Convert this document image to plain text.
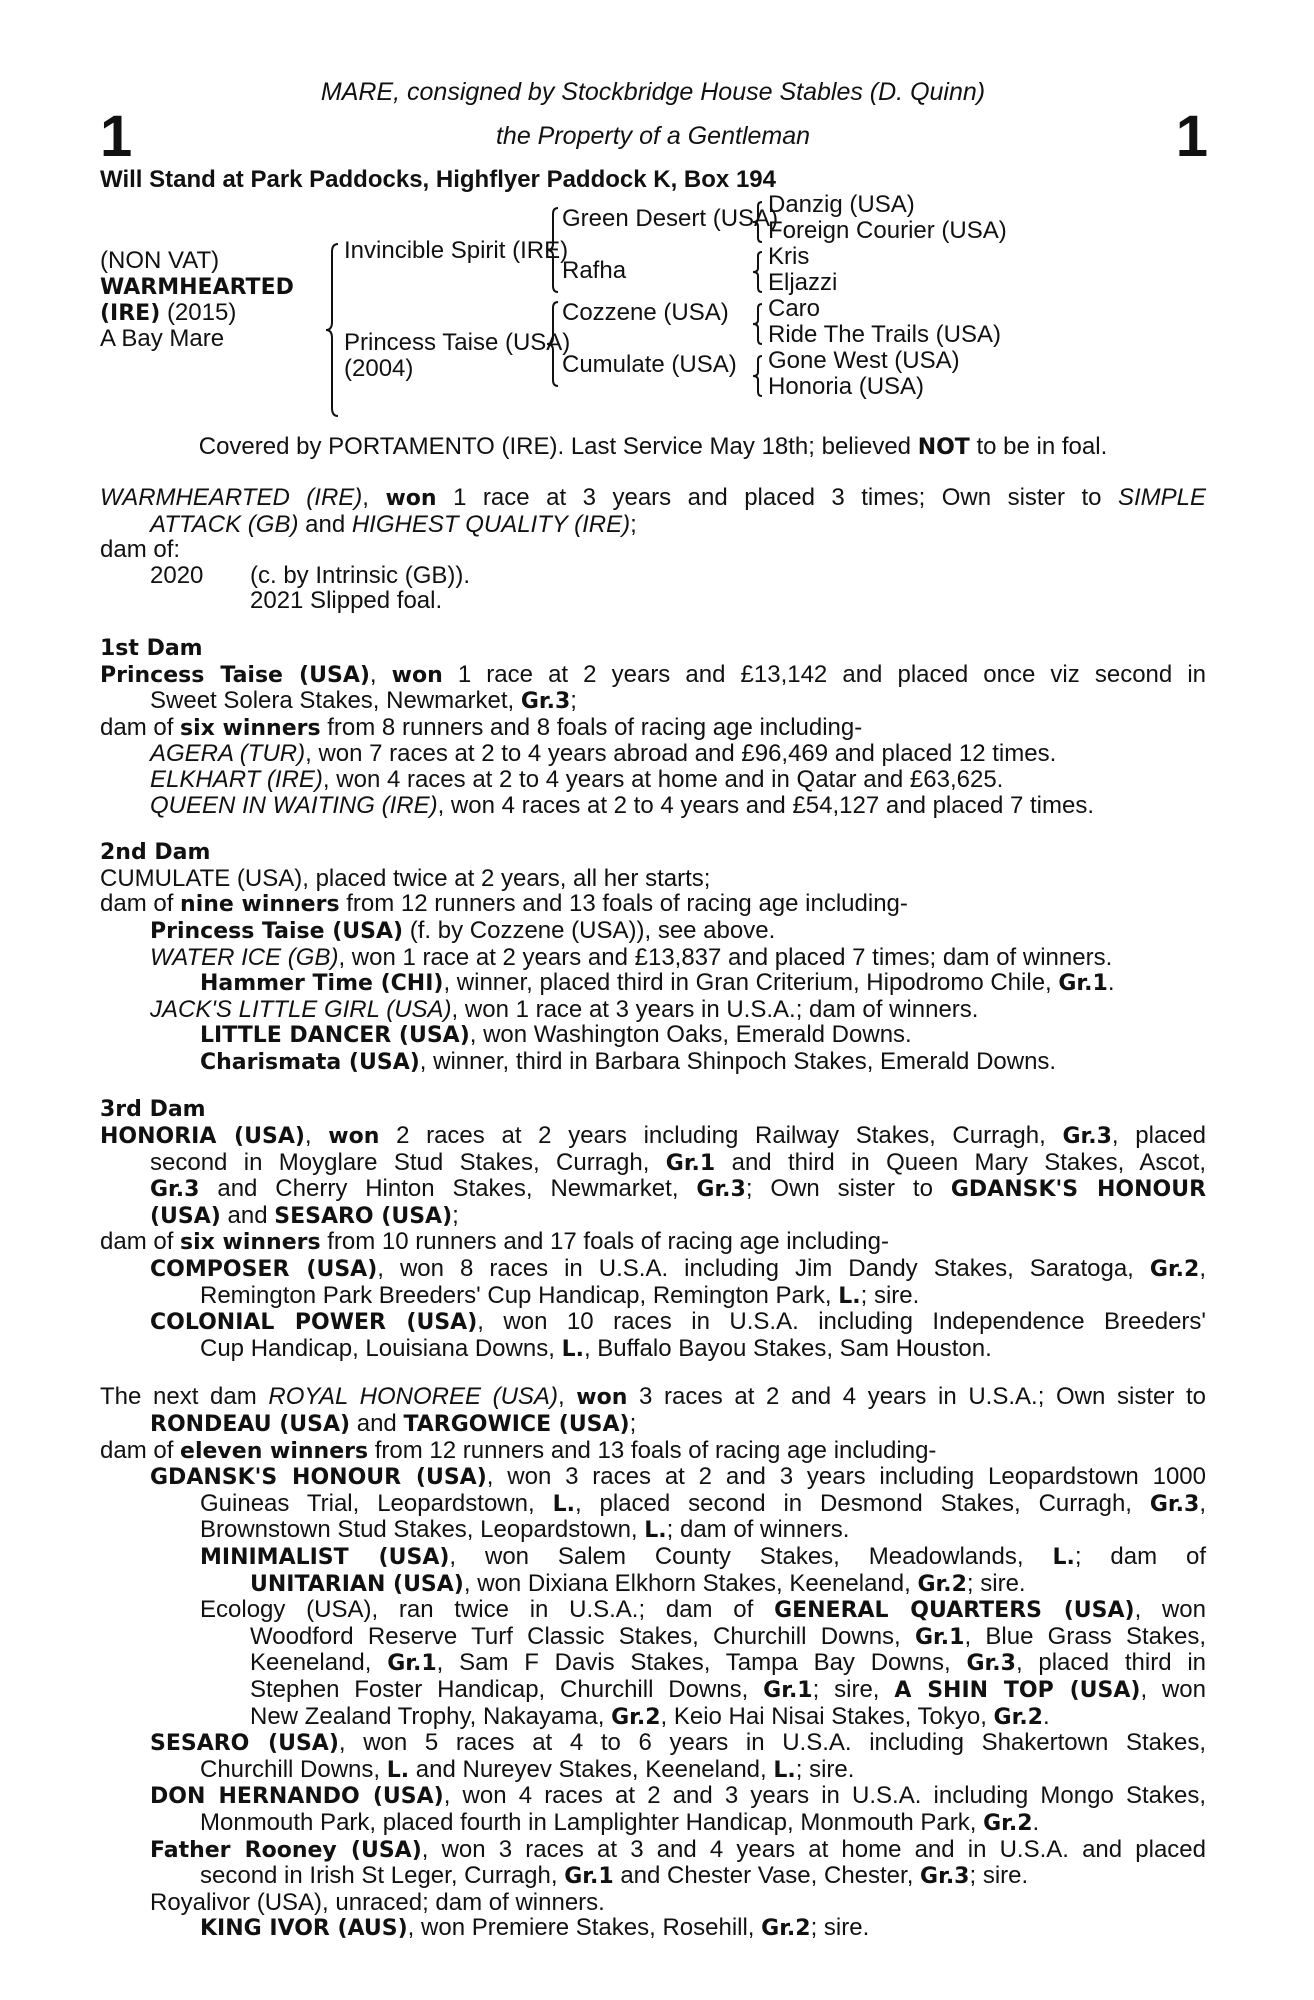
1	1
MARE, consigned by Stockbridge House Stables (D. Quinn)
the Property of a Gentleman
Will Stand at Park Paddocks, Highflyer Paddock K, Box 194
(NON VAT)
WARMHEARTED
(IRE) (2015)
A Bay Mare
Invincible Spirit (IRE)
Princess Taise (USA)
(2004)
Green Desert (USA)
Rafha
Cozzene (USA)
Cumulate (USA)
Danzig (USA)
Foreign Courier (USA)
Kris
Eljazzi
Caro
Ride The Trails (USA)
Gone West (USA)
Honoria (USA)
Covered by PORTAMENTO (IRE). Last Service May 18th; believed NOT to be in foal.
WARMHEARTED (IRE), won 1 race at 3 years and placed 3 times; Own sister to SIMPLE
ATTACK (GB) and HIGHEST QUALITY (IRE);
dam of:
2020 (c. by Intrinsic (GB)).
2021 Slipped foal.
1st Dam
Princess Taise (USA), won 1 race at 2 years and £13,142 and placed once viz second in
Sweet Solera Stakes, Newmarket, Gr.3;
dam of six winners from 8 runners and 8 foals of racing age including-
AGERA (TUR), won 7 races at 2 to 4 years abroad and £96,469 and placed 12 times.
ELKHART (IRE), won 4 races at 2 to 4 years at home and in Qatar and £63,625.
QUEEN IN WAITING (IRE), won 4 races at 2 to 4 years and £54,127 and placed 7 times.
2nd Dam
CUMULATE (USA), placed twice at 2 years, all her starts;
dam of nine winners from 12 runners and 13 foals of racing age including-
Princess Taise (USA) (f. by Cozzene (USA)), see above.
WATER ICE (GB), won 1 race at 2 years and £13,837 and placed 7 times; dam of winners.
Hammer Time (CHI), winner, placed third in Gran Criterium, Hipodromo Chile, Gr.1.
JACK'S LITTLE GIRL (USA), won 1 race at 3 years in U.S.A.; dam of winners.
LITTLE DANCER (USA), won Washington Oaks, Emerald Downs.
Charismata (USA), winner, third in Barbara Shinpoch Stakes, Emerald Downs.
3rd Dam
HONORIA (USA), won 2 races at 2 years including Railway Stakes, Curragh, Gr.3, placed
second in Moyglare Stud Stakes, Curragh, Gr.1 and third in Queen Mary Stakes, Ascot,
Gr.3 and Cherry Hinton Stakes, Newmarket, Gr.3; Own sister to GDANSK'S HONOUR
(USA) and SESARO (USA);
dam of six winners from 10 runners and 17 foals of racing age including-
COMPOSER (USA), won 8 races in U.S.A. including Jim Dandy Stakes, Saratoga, Gr.2,
Remington Park Breeders' Cup Handicap, Remington Park, L.; sire.
COLONIAL POWER (USA), won 10 races in U.S.A. including Independence Breeders'
Cup Handicap, Louisiana Downs, L., Buffalo Bayou Stakes, Sam Houston.
The next dam ROYAL HONOREE (USA), won 3 races at 2 and 4 years in U.S.A.; Own sister to
RONDEAU (USA) and TARGOWICE (USA);
dam of eleven winners from 12 runners and 13 foals of racing age including-
GDANSK'S HONOUR (USA), won 3 races at 2 and 3 years including Leopardstown 1000
Guineas Trial, Leopardstown, L., placed second in Desmond Stakes, Curragh, Gr.3,
Brownstown Stud Stakes, Leopardstown, L.; dam of winners.
MINIMALIST (USA), won Salem County Stakes, Meadowlands, L.; dam of
UNITARIAN (USA), won Dixiana Elkhorn Stakes, Keeneland, Gr.2; sire.
Ecology (USA), ran twice in U.S.A.; dam of GENERAL QUARTERS (USA), won
Woodford Reserve Turf Classic Stakes, Churchill Downs, Gr.1, Blue Grass Stakes,
Keeneland, Gr.1, Sam F Davis Stakes, Tampa Bay Downs, Gr.3, placed third in
Stephen Foster Handicap, Churchill Downs, Gr.1; sire, A SHIN TOP (USA), won
New Zealand Trophy, Nakayama, Gr.2, Keio Hai Nisai Stakes, Tokyo, Gr.2.
SESARO (USA), won 5 races at 4 to 6 years in U.S.A. including Shakertown Stakes,
Churchill Downs, L. and Nureyev Stakes, Keeneland, L.; sire.
DON HERNANDO (USA), won 4 races at 2 and 3 years in U.S.A. including Mongo Stakes,
Monmouth Park, placed fourth in Lamplighter Handicap, Monmouth Park, Gr.2.
Father Rooney (USA), won 3 races at 3 and 4 years at home and in U.S.A. and placed
second in Irish St Leger, Curragh, Gr.1 and Chester Vase, Chester, Gr.3; sire.
Royalivor (USA), unraced; dam of winners.
KING IVOR (AUS), won Premiere Stakes, Rosehill, Gr.2; sire.
